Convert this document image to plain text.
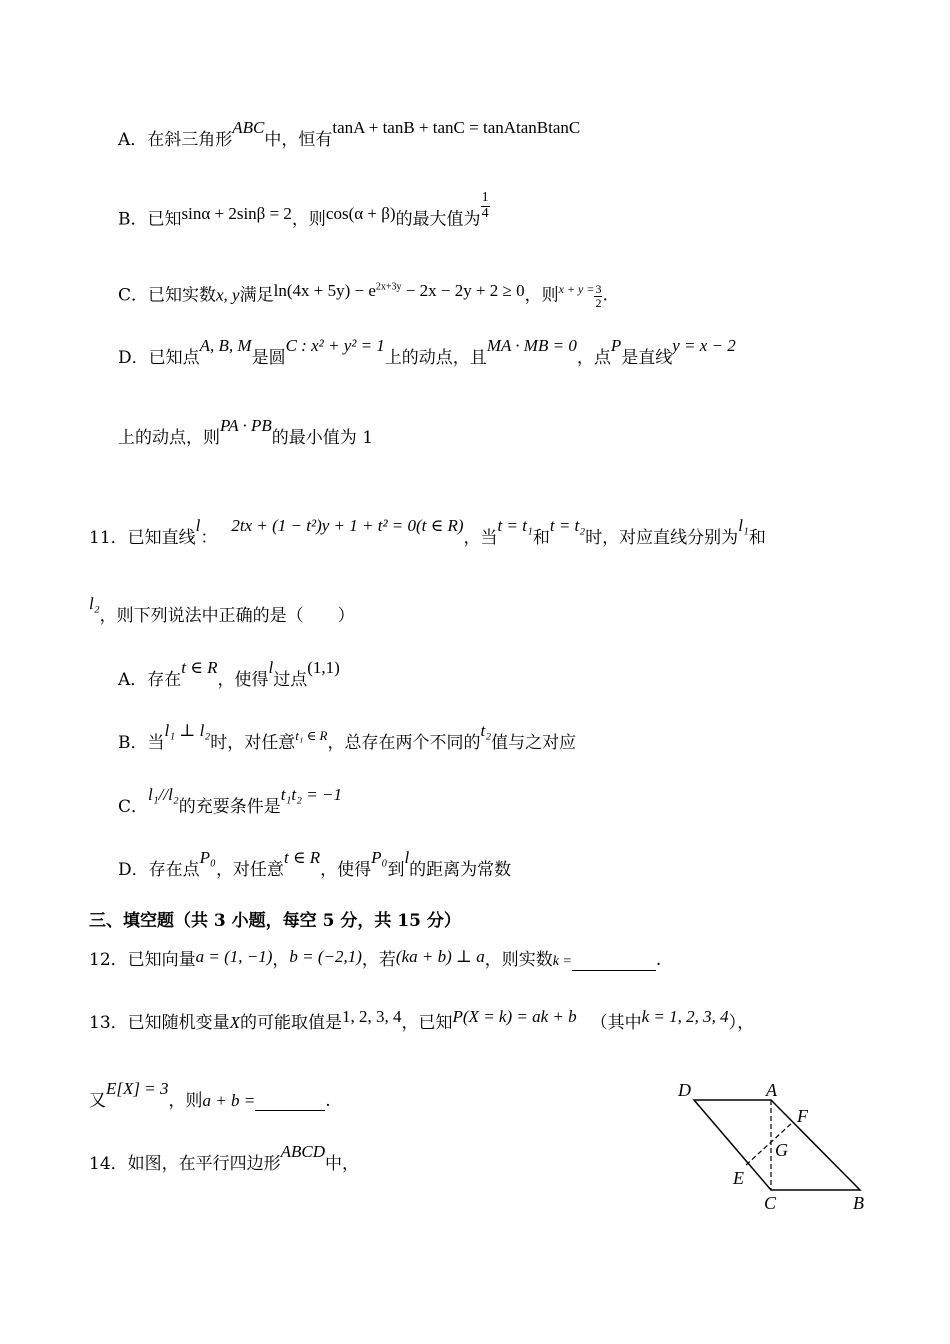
A．在斜三角形ABC中，恒有tanA + tanB + tanC = tanAtanBtanC
B．已知sinα + 2sinβ = 2，则cos(α + β)的最大值为 $\frac{1}{4}$
C．已知实数x, y满足$\ln(4x + 5y) - e^{2x+3y} - 2x - 2y + 2 \ge 0$，则$^{x + y =} \frac{3}{2}$ .
D．已知点A, B, M是圆C : x² + y² = 1上的动点，且MA · MB = 0，点P是直线y = x − 2
上的动点，则PA · PB的最小值为 1
11．已知直线l：2tx + (1 − t²)y + 1 + t² = 0(t ∈ R)，当t = t₁和t = t₂时，对应直线分别为l₁和
l₂，则下列说法中正确的是（　　）
A．存在t ∈ R，使得l过点(1,1)
B．当l₁ ⊥ l₂时，对任意$^{t_1 \in R}$，总存在两个不同的t₂值与之对应
C．l₁//l₂的充要条件是t₁t₂ = −1
D．存在点P₀，对任意t ∈ R，使得P₀到l的距离为常数
三、填空题（共 3 小题，每空 5 分，共 15 分）
12．已知向量a = (1, −1)，b = (−2,1)，若(ka + b) ⊥ a，则实数k =	.
13．已知随机变量X的可能取值是1, 2, 3, 4，已知P(X = k) = ak + b （其中k = 1, 2, 3, 4），
又E[X] = 3，则a + b =	.
14．如图，在平行四边形ABCD中，
D	A
F
G
E
C	B
